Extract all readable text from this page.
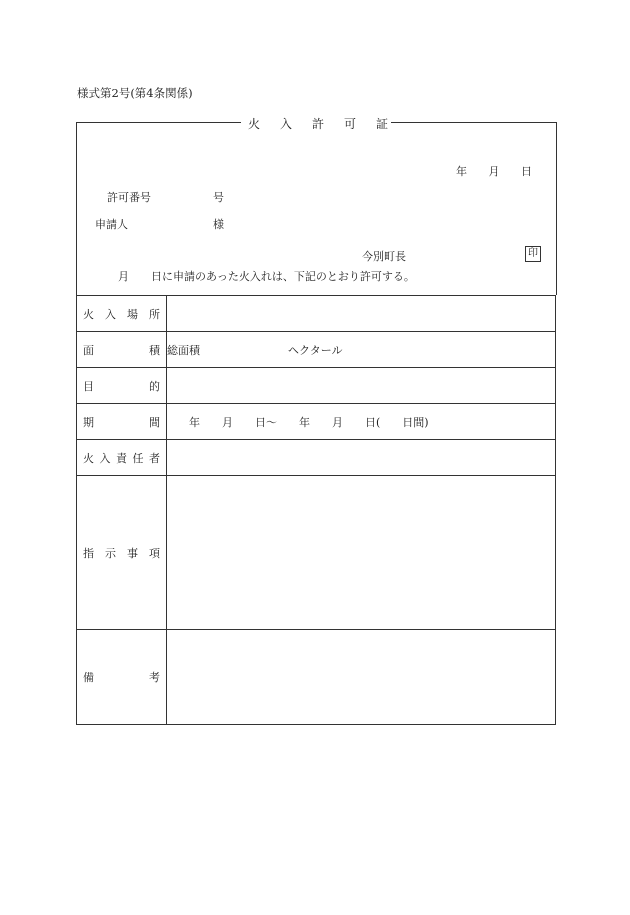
様式第2号(第4条関係)
火入許可証
年 月 日
許可番号	号
申請人	様
今別町長	印
月　　日に申請のあった火入れは、下記のとおり許可する。
火 入 場 所	

面 積	総面積　　　　　　　　ヘクタール

目 的	

期 間	　　年　　月　　日〜　　年　　月　　日(　　日間)

火 入 責 任 者	

指 示 事 項	

備 考	
